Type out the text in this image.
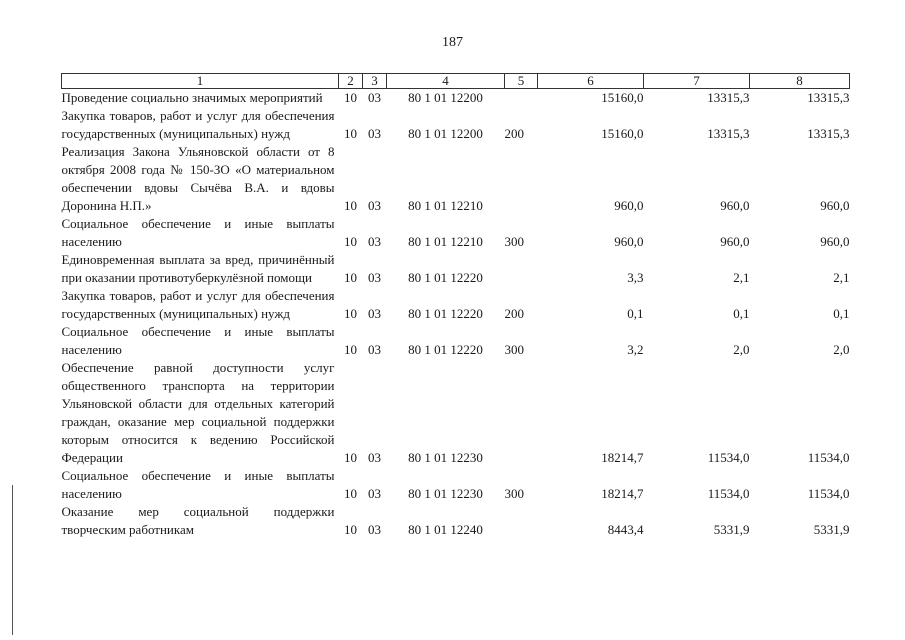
187
1	2	3	4	5	6	7	8
Проведение социально значимых мероприятий	10	03	80 1 01 12200		15160,0	13315,3	13315,3
Закупка товаров, работ и услуг для обеспечения государственных (муниципальных) нужд	10	03	80 1 01 12200	200	15160,0	13315,3	13315,3
Реализация Закона Ульяновской области от 8 октября 2008 года № 150-ЗО «О материальном обеспечении вдовы Сычёва В.А. и вдовы Доронина Н.П.»	10	03	80 1 01 12210		960,0	960,0	960,0
Социальное обеспечение и иные выплаты населению	10	03	80 1 01 12210	300	960,0	960,0	960,0
Единовременная выплата за вред, причинённый при оказании противотуберкулёзной помощи	10	03	80 1 01 12220		3,3	2,1	2,1
Закупка товаров, работ и услуг для обеспечения государственных (муниципальных) нужд	10	03	80 1 01 12220	200	0,1	0,1	0,1
Социальное обеспечение и иные выплаты населению	10	03	80 1 01 12220	300	3,2	2,0	2,0
Обеспечение равной доступности услуг общественного транспорта на территории Ульяновской области для отдельных категорий граждан, оказание мер социальной поддержки которым относится к ведению Российской Федерации	10	03	80 1 01 12230		18214,7	11534,0	11534,0
Социальное обеспечение и иные выплаты населению	10	03	80 1 01 12230	300	18214,7	11534,0	11534,0
Оказание мер социальной поддержки творческим работникам	10	03	80 1 01 12240		8443,4	5331,9	5331,9
